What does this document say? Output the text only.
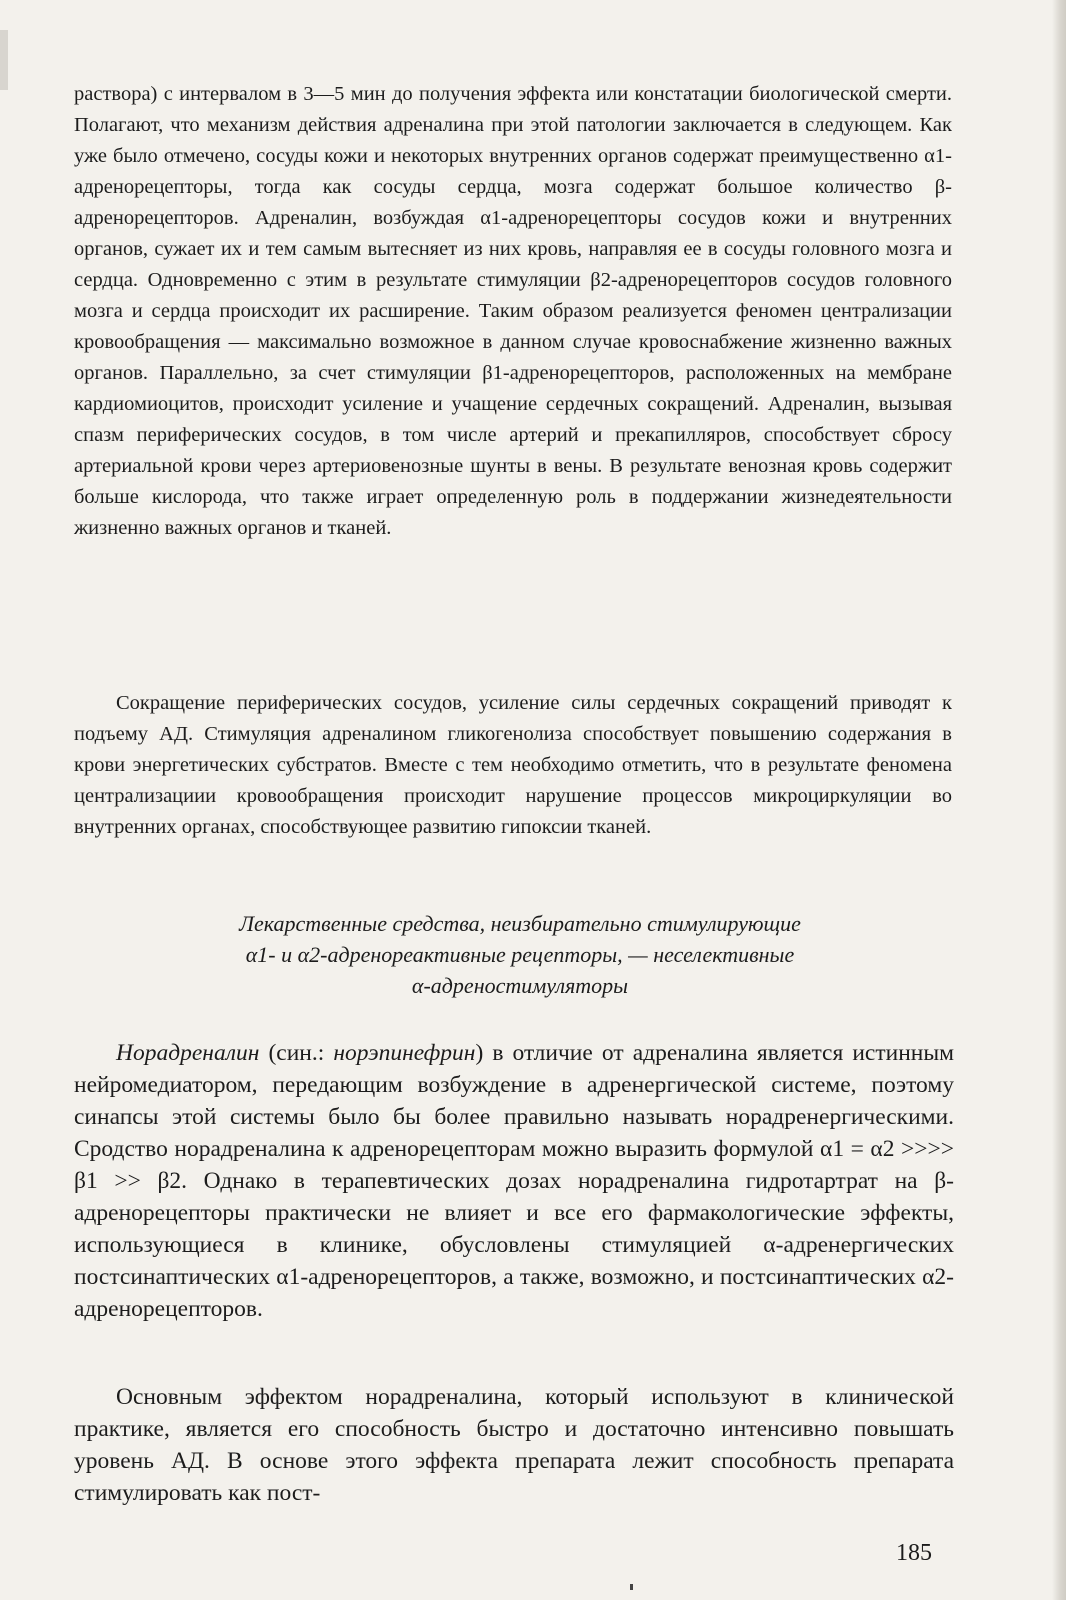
раствора) с интервалом в 3—5 мин до получения эффекта или констатации биологической смерти. Полагают, что механизм действия адреналина при этой патологии заключается в следующем. Как уже было отмечено, сосуды кожи и некоторых внутренних органов содержат преимущественно α1-адренорецепторы, тогда как сосуды сердца, мозга содержат большое количество β-адренорецепторов. Адреналин, возбуждая α1-адренорецепторы сосудов кожи и внутренних органов, сужает их и тем самым вытесняет из них кровь, направляя ее в сосуды головного мозга и сердца. Одновременно с этим в результате стимуляции β2-адренорецепторов сосудов головного мозга и сердца происходит их расширение. Таким образом реализуется феномен централизации кровообращения — максимально возможное в данном случае кровоснабжение жизненно важных органов. Параллельно, за счет стимуляции β1-адренорецепторов, расположенных на мембране кардиомиоцитов, происходит усиление и учащение сердечных сокращений. Адреналин, вызывая спазм периферических сосудов, в том числе артерий и прекапилляров, способствует сбросу артериальной крови через артериовенозные шунты в вены. В результате венозная кровь содержит больше кислорода, что также играет определенную роль в поддержании жизнедеятельности жизненно важных органов и тканей.

Сокращение периферических сосудов, усиление силы сердечных сокращений приводят к подъему АД. Стимуляция адреналином гликогенолиза способствует повышению содержания в крови энергетических субстратов. Вместе с тем необходимо отметить, что в результате феномена централизациии кровообращения происходит нарушение процессов микроциркуляции во внутренних органах, способствующее развитию гипоксии тканей.

Лекарственные средства, неизбирательно стимулирующие
α1- и α2-адренореактивные рецепторы, — неселективные
α-адреностимуляторы

Норадреналин (син.: норэпинефрин) в отличие от адреналина является истинным нейромедиатором, передающим возбуждение в адренергической системе, поэтому синапсы этой системы было бы более правильно называть норадренергическими. Сродство норадреналина к адренорецепторам можно выразить формулой α1 = α2 >>>> β1 >> β2. Однако в терапевтических дозах норадреналина гидротартрат на β-адренорецепторы практически не влияет и все его фармакологические эффекты, использующиеся в клинике, обусловлены стимуляцией α-адренергических постсинаптических α1-адренорецепторов, а также, возможно, и постсинаптических α2-адренорецепторов.

Основным эффектом норадреналина, который используют в клинической практике, является его способность быстро и достаточно интенсивно повышать уровень АД. В основе этого эффекта препарата лежит способность препарата стимулировать как пост-

185
